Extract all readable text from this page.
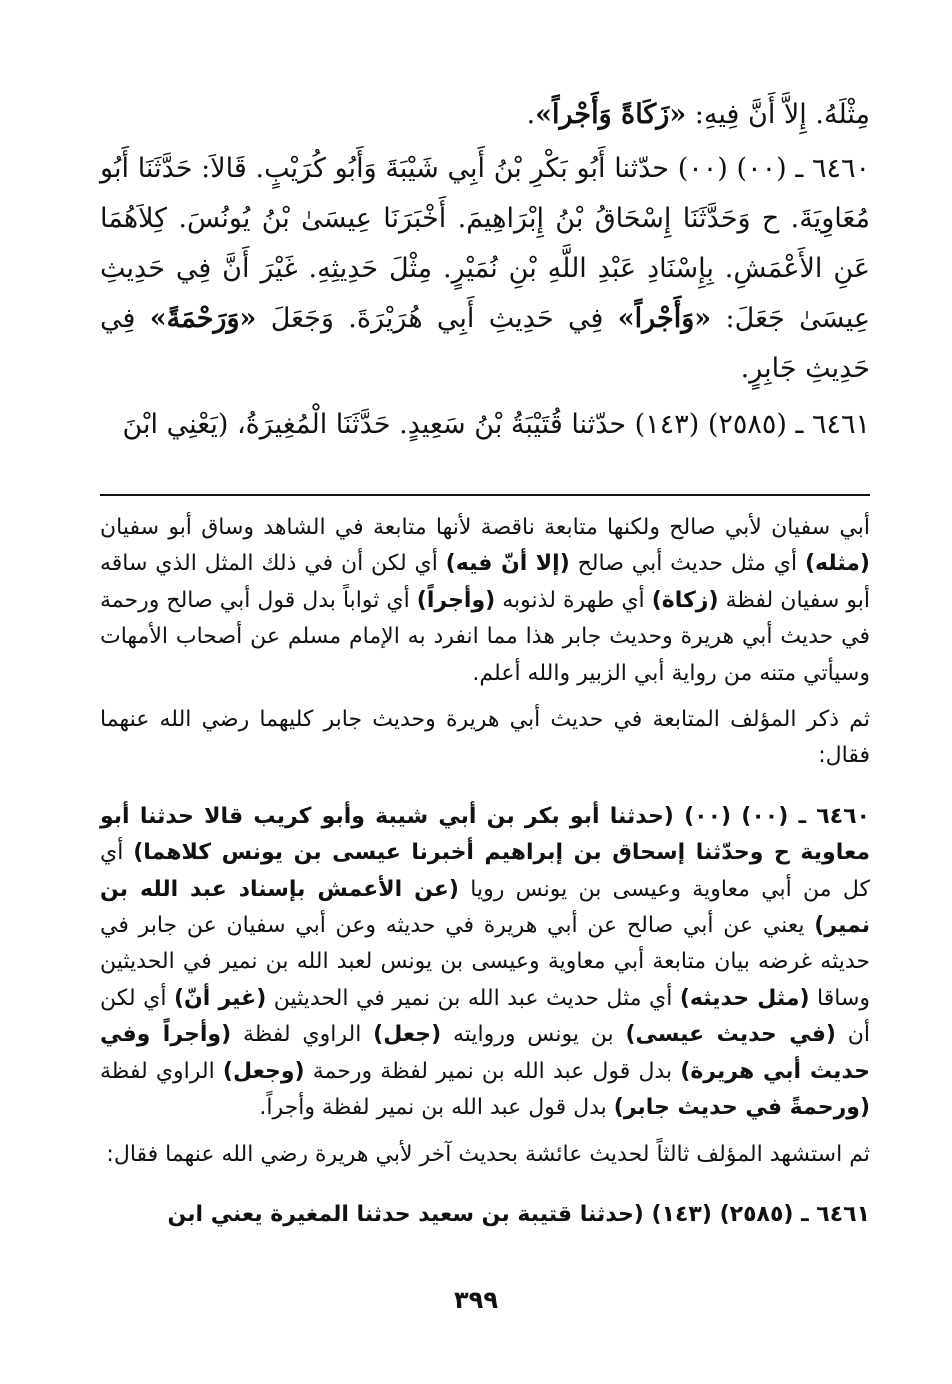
مِثْلَهُ. إِلاَّ أَنَّ فِيهِ: «زَكَاةً وَأَجْراً».

٦٤٦٠ ـ (٠٠) (٠٠) حدّثنا أَبُو بَكْرِ بْنُ أَبِي شَيْبَةَ وَأَبُو كُرَيْبٍ. قَالاَ: حَدَّثَنَا أَبُو مُعَاوِيَةَ. ح وَحَدَّثَنَا إِسْحَاقُ بْنُ إِبْرَاهِيمَ. أَخْبَرَنَا عِيسَىٰ بْنُ يُونُسَ. كِلاَهُمَا عَنِ الأَعْمَشِ. بِإِسْنَادِ عَبْدِ اللَّهِ بْنِ نُمَيْرٍ. مِثْلَ حَدِيثِهِ. غَيْرَ أَنَّ فِي حَدِيثِ عِيسَىٰ جَعَلَ: «وَأَجْراً» فِي حَدِيثِ أَبِي هُرَيْرَةَ. وَجَعَلَ «وَرَحْمَةً» فِي حَدِيثِ جَابِرٍ.

٦٤٦١ ـ (٢٥٨٥) (١٤٣) حدّثنا قُتَيْبَةُ بْنُ سَعِيدٍ. حَدَّثَنَا الْمُغِيرَةُ، (يَعْنِي ابْنَ

أبي سفيان لأبي صالح ولكنها متابعة ناقصة لأنها متابعة في الشاهد وساق أبو سفيان (مثله) أي مثل حديث أبي صالح (إلا أنّ فيه) أي لكن أن في ذلك المثل الذي ساقه أبو سفيان لفظة (زكاة) أي طهرة لذنوبه (وأجراً) أي ثواباً بدل قول أبي صالح ورحمة في حديث أبي هريرة وحديث جابر هذا مما انفرد به الإمام مسلم عن أصحاب الأمهات وسيأتي متنه من رواية أبي الزبير والله أعلم.

ثم ذكر المؤلف المتابعة في حديث أبي هريرة وحديث جابر كليهما رضي الله عنهما فقال:

٦٤٦٠ ـ (٠٠) (٠٠) (حدثنا أبو بكر بن أبي شيبة وأبو كريب قالا حدثنا أبو معاوية ح وحدّثنا إسحاق بن إبراهيم أخبرنا عيسى بن يونس كلاهما) أي كل من أبي معاوية وعيسى بن يونس رويا (عن الأعمش بإسناد عبد الله بن نمير) يعني عن أبي صالح عن أبي هريرة في حديثه وعن أبي سفيان عن جابر في حديثه غرضه بيان متابعة أبي معاوية وعيسى بن يونس لعبد الله بن نمير في الحديثين وساقا (مثل حديثه) أي مثل حديث عبد الله بن نمير في الحديثين (غير أنّ) أي لكن أن (في حديث عيسى) بن يونس وروايته (جعل) الراوي لفظة (وأجراً وفي حديث أبي هريرة) بدل قول عبد الله بن نمير لفظة ورحمة (وجعل) الراوي لفظة (ورحمةً في حديث جابر) بدل قول عبد الله بن نمير لفظة وأجراً.

ثم استشهد المؤلف ثالثاً لحديث عائشة بحديث آخر لأبي هريرة رضي الله عنهما فقال:

٦٤٦١ ـ (٢٥٨٥) (١٤٣) (حدثنا قتيبة بن سعيد حدثنا المغيرة يعني ابن

٣٩٩
